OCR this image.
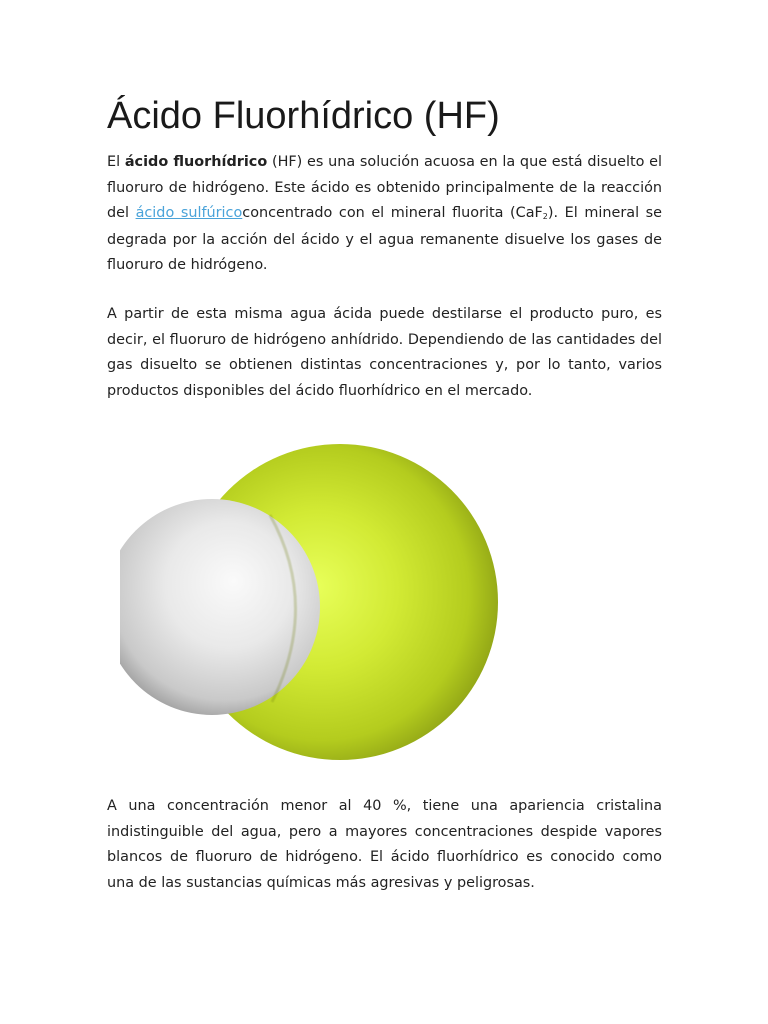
Ácido Fluorhídrico (HF)

El ácido fluorhídrico (HF) es una solución acuosa en la que está disuelto el fluoruro de hidrógeno. Este ácido es obtenido principalmente de la reacción del ácido sulfúricoconcentrado con el mineral fluorita (CaF$_2$). El mineral se degrada por la acción del ácido y el agua remanente disuelve los gases de fluoruro de hidrógeno.

A partir de esta misma agua ácida puede destilarse el producto puro, es decir, el fluoruro de hidrógeno anhídrido. Dependiendo de las cantidades del gas disuelto se obtienen distintas concentraciones y, por lo tanto, varios productos disponibles del ácido fluorhídrico en el mercado.

A una concentración menor al 40 %, tiene una apariencia cristalina indistinguible del agua, pero a mayores concentraciones despide vapores blancos de fluoruro de hidrógeno. El ácido fluorhídrico es conocido como una de las sustancias químicas más agresivas y peligrosas.
